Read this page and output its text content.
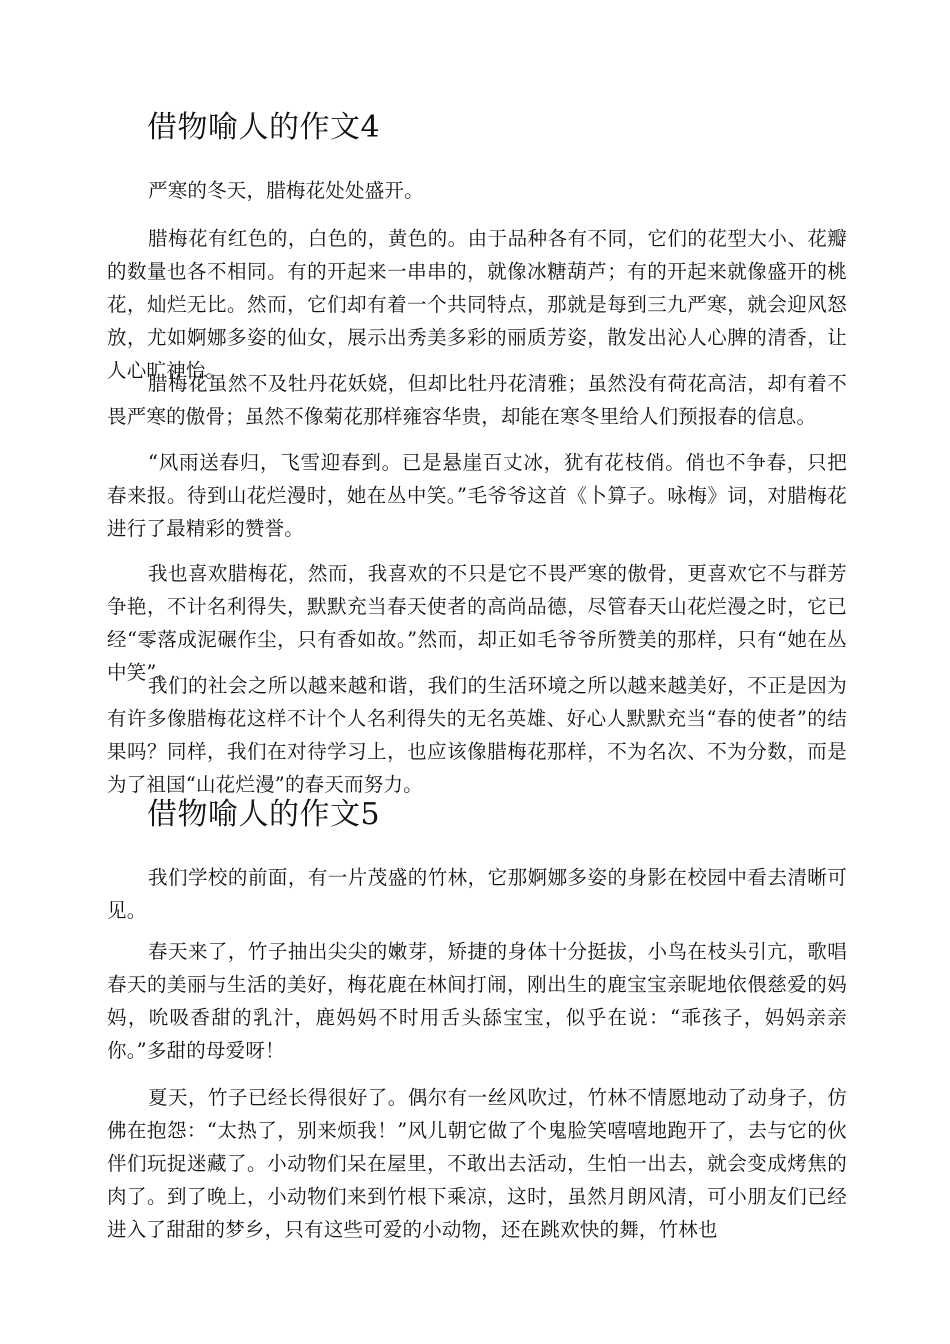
借物喻人的作文4

严寒的冬天，腊梅花处处盛开。

腊梅花有红色的，白色的，黄色的。由于品种各有不同，它们的花型大小、花瓣的数量也各不相同。有的开起来一串串的，就像冰糖葫芦；有的开起来就像盛开的桃花，灿烂无比。然而，它们却有着一个共同特点，那就是每到三九严寒，就会迎风怒放，尤如婀娜多姿的仙女，展示出秀美多彩的丽质芳姿，散发出沁人心脾的清香，让人心旷神怡。

腊梅花虽然不及牡丹花妖娆，但却比牡丹花清雅；虽然没有荷花高洁，却有着不畏严寒的傲骨；虽然不像菊花那样雍容华贵，却能在寒冬里给人们预报春的信息。

“风雨送春归，飞雪迎春到。已是悬崖百丈冰，犹有花枝俏。俏也不争春，只把春来报。待到山花烂漫时，她在丛中笑。”毛爷爷这首《卜算子。咏梅》词，对腊梅花进行了最精彩的赞誉。

我也喜欢腊梅花，然而，我喜欢的不只是它不畏严寒的傲骨，更喜欢它不与群芳争艳，不计名利得失，默默充当春天使者的高尚品德，尽管春天山花烂漫之时，它已经“零落成泥碾作尘，只有香如故。”然而，却正如毛爷爷所赞美的那样，只有“她在丛中笑”。

我们的社会之所以越来越和谐，我们的生活环境之所以越来越美好，不正是因为有许多像腊梅花这样不计个人名利得失的无名英雄、好心人默默充当“春的使者”的结果吗？同样，我们在对待学习上，也应该像腊梅花那样，不为名次、不为分数，而是为了祖国“山花烂漫”的春天而努力。

借物喻人的作文5

我们学校的前面，有一片茂盛的竹林，它那婀娜多姿的身影在校园中看去清晰可见。

春天来了，竹子抽出尖尖的嫩芽，矫捷的身体十分挺拔，小鸟在枝头引亢，歌唱春天的美丽与生活的美好，梅花鹿在林间打闹，刚出生的鹿宝宝亲昵地依偎慈爱的妈妈，吮吸香甜的乳汁，鹿妈妈不时用舌头舔宝宝，似乎在说：“乖孩子，妈妈亲亲你。”多甜的母爱呀！

夏天，竹子已经长得很好了。偶尔有一丝风吹过，竹林不情愿地动了动身子，仿佛在抱怨：“太热了，别来烦我！”风儿朝它做了个鬼脸笑嘻嘻地跑开了，去与它的伙伴们玩捉迷藏了。小动物们呆在屋里，不敢出去活动，生怕一出去，就会变成烤焦的肉了。到了晚上，小动物们来到竹根下乘凉，这时，虽然月朗风清，可小朋友们已经进入了甜甜的梦乡，只有这些可爱的小动物，还在跳欢快的舞，竹林也
